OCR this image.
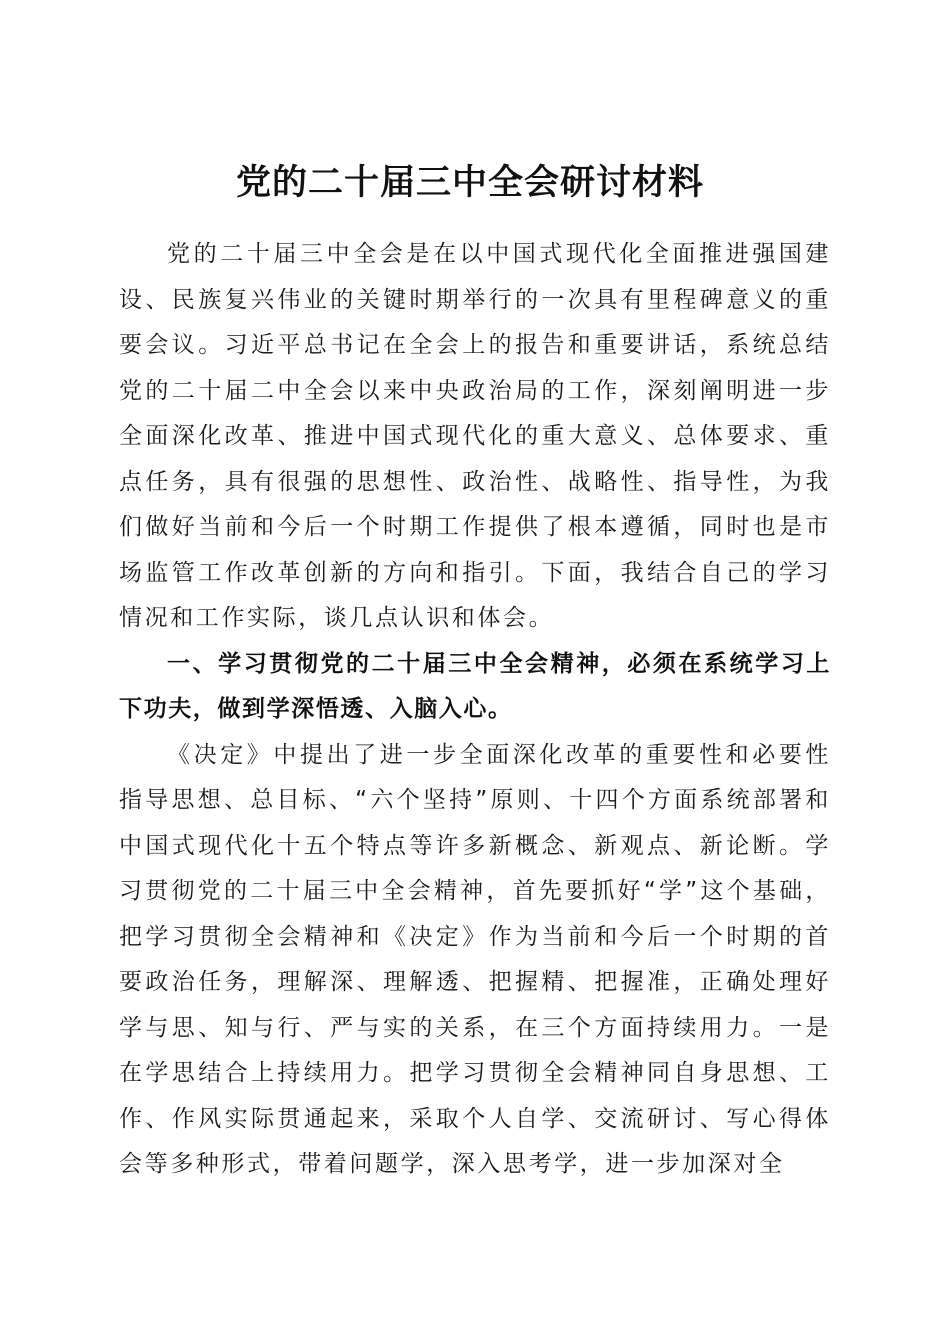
党的二十届三中全会研讨材料

党的二十届三中全会是在以中国式现代化全面推进强国建设、民族复兴伟业的关键时期举行的一次具有里程碑意义的重要会议。习近平总书记在全会上的报告和重要讲话，系统总结党的二十届二中全会以来中央政治局的工作，深刻阐明进一步全面深化改革、推进中国式现代化的重大意义、总体要求、重点任务，具有很强的思想性、政治性、战略性、指导性，为我们做好当前和今后一个时期工作提供了根本遵循，同时也是市场监管工作改革创新的方向和指引。下面，我结合自己的学习情况和工作实际，谈几点认识和体会。

一、学习贯彻党的二十届三中全会精神，必须在系统学习上下功夫，做到学深悟透、入脑入心。

《决定》中提出了进一步全面深化改革的重要性和必要性指导思想、总目标、“六个坚持”原则、十四个方面系统部署和中国式现代化十五个特点等许多新概念、新观点、新论断。学习贯彻党的二十届三中全会精神，首先要抓好“学”这个基础，把学习贯彻全会精神和《决定》作为当前和今后一个时期的首要政治任务，理解深、理解透、把握精、把握准，正确处理好学与思、知与行、严与实的关系，在三个方面持续用力。一是在学思结合上持续用力。把学习贯彻全会精神同自身思想、工作、作风实际贯通起来，采取个人自学、交流研讨、写心得体会等多种形式，带着问题学，深入思考学，进一步加深对全
